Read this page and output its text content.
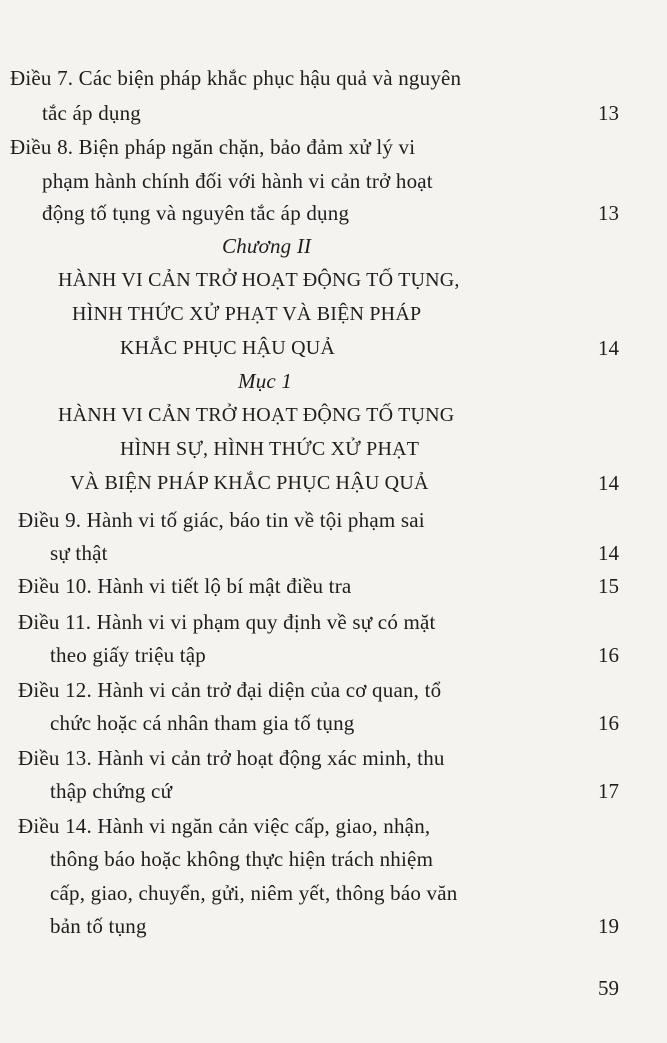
Điều 7. Các biện pháp khắc phục hậu quả và nguyên
tắc áp dụng	13
Điều 8. Biện pháp ngăn chặn, bảo đảm xử lý vi
phạm hành chính đối với hành vi cản trở hoạt
động tố tụng và nguyên tắc áp dụng	13
Chương II
HÀNH VI CẢN TRỞ HOẠT ĐỘNG TỐ TỤNG,
HÌNH THỨC XỬ PHẠT VÀ BIỆN PHÁP
KHẮC PHỤC HẬU QUẢ	14
Mục 1
HÀNH VI CẢN TRỞ HOẠT ĐỘNG TỐ TỤNG
HÌNH SỰ, HÌNH THỨC XỬ PHẠT
VÀ BIỆN PHÁP KHẮC PHỤC HẬU QUẢ	14
Điều 9. Hành vi tố giác, báo tin về tội phạm sai
sự thật	14
Điều 10. Hành vi tiết lộ bí mật điều tra	15
Điều 11. Hành vi vi phạm quy định về sự có mặt
theo giấy triệu tập	16
Điều 12. Hành vi cản trở đại diện của cơ quan, tổ
chức hoặc cá nhân tham gia tố tụng	16
Điều 13. Hành vi cản trở hoạt động xác minh, thu
thập chứng cứ	17
Điều 14. Hành vi ngăn cản việc cấp, giao, nhận,
thông báo hoặc không thực hiện trách nhiệm
cấp, giao, chuyển, gửi, niêm yết, thông báo văn
bản tố tụng	19
59
